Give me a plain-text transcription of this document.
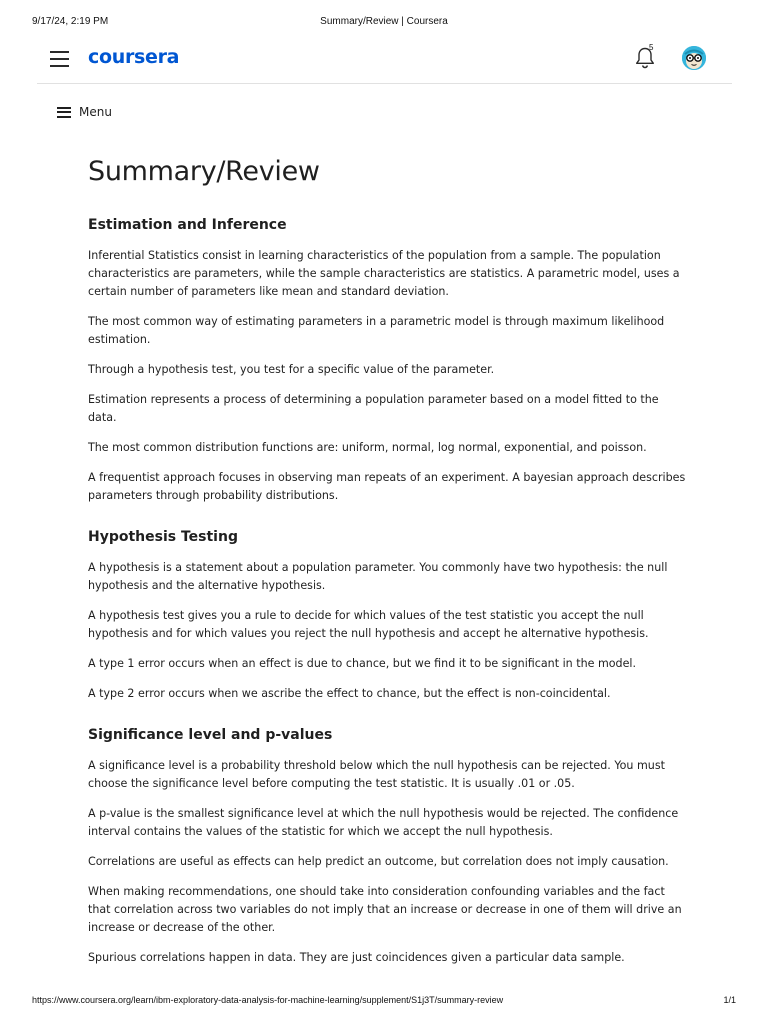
9/17/24, 2:19 PM	Summary/Review | Coursera
coursera	5
Menu
Summary/Review
Estimation and Inference

Inferential Statistics consist in learning characteristics of the population from a sample. The population characteristics are parameters, while the sample characteristics are statistics. A parametric model, uses a certain number of parameters like mean and standard deviation.

The most common way of estimating parameters in a parametric model is through maximum likelihood estimation.

Through a hypothesis test, you test for a specific value of the parameter.

Estimation represents a process of determining a population parameter based on a model fitted to the data.

The most common distribution functions are: uniform, normal, log normal, exponential, and poisson.

A frequentist approach focuses in observing man repeats of an experiment. A bayesian approach describes parameters through probability distributions.

Hypothesis Testing

A hypothesis is a statement about a population parameter. You commonly have two hypothesis: the null hypothesis and the alternative hypothesis.

A hypothesis test gives you a rule to decide for which values of the test statistic you accept the null hypothesis and for which values you reject the null hypothesis and accept he alternative hypothesis.

A type 1 error occurs when an effect is due to chance, but we find it to be significant in the model.

A type 2 error occurs when we ascribe the effect to chance, but the effect is non-coincidental.

Significance level and p-values

A significance level is a probability threshold below which the null hypothesis can be rejected. You must choose the significance level before computing the test statistic. It is usually .01 or .05.

A p-value is the smallest significance level at which the null hypothesis would be rejected. The confidence interval contains the values of the statistic for which we accept the null hypothesis.

Correlations are useful as effects can help predict an outcome, but correlation does not imply causation.

When making recommendations, one should take into consideration confounding variables and the fact that correlation across two variables do not imply that an increase or decrease in one of them will drive an increase or decrease of the other.

Spurious correlations happen in data. They are just coincidences given a particular data sample.

https://www.coursera.org/learn/ibm-exploratory-data-analysis-for-machine-learning/supplement/S1j3T/summary-review	1/1
